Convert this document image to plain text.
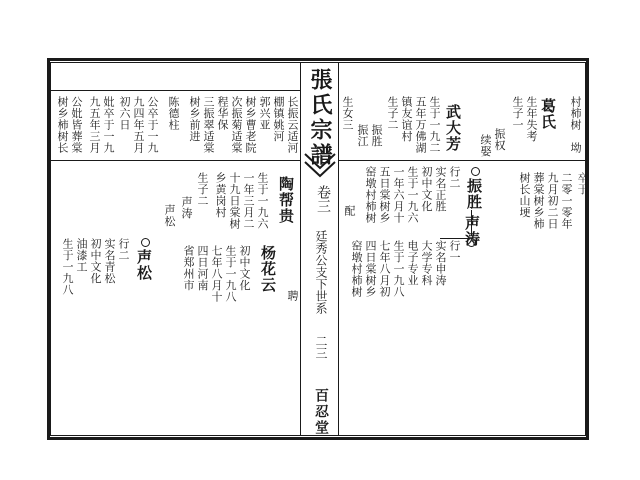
張氏宗譜
卷三
廷秀公支下世系
二三
百忍堂
村柿树　坳
卒于
二零一零年
九月初二日
葬棠树乡柿
树长山埂
葛氏
生年失考
生子一
振权
续娶
武大芳
生于一九二
五年万佛湖
镇友谊村
生子二
振胜
振江
生女三
声涛
行一
实名申涛
大学专科
电子专业
生于一九八
七年八月初
四日棠树乡
窑墩村柿树
振胜
行二
实名正胜
初中文化
生于一九六
一年六月十
五日棠树乡
窑墩村柿树
配
长振云适河
棚镇姚河
郭兴亚
树乡曹老院
次振菊适棠
程华保
三振翠适棠
树乡前进
陈德柱
公卒于一九
九四年五月
初六日
妣卒于一九
九五年三月
公妣皆葬棠
树乡柿树长
陶帮贵
生于一九六
一年三月二
十九日棠树
乡黄岗村
生子二
声涛
声松
聘
杨花云
初中文化
生于一九八
七年八月十
四日河南
省郑州市
声松
行二
实名青松
初中文化
油漆工
生于一九八
